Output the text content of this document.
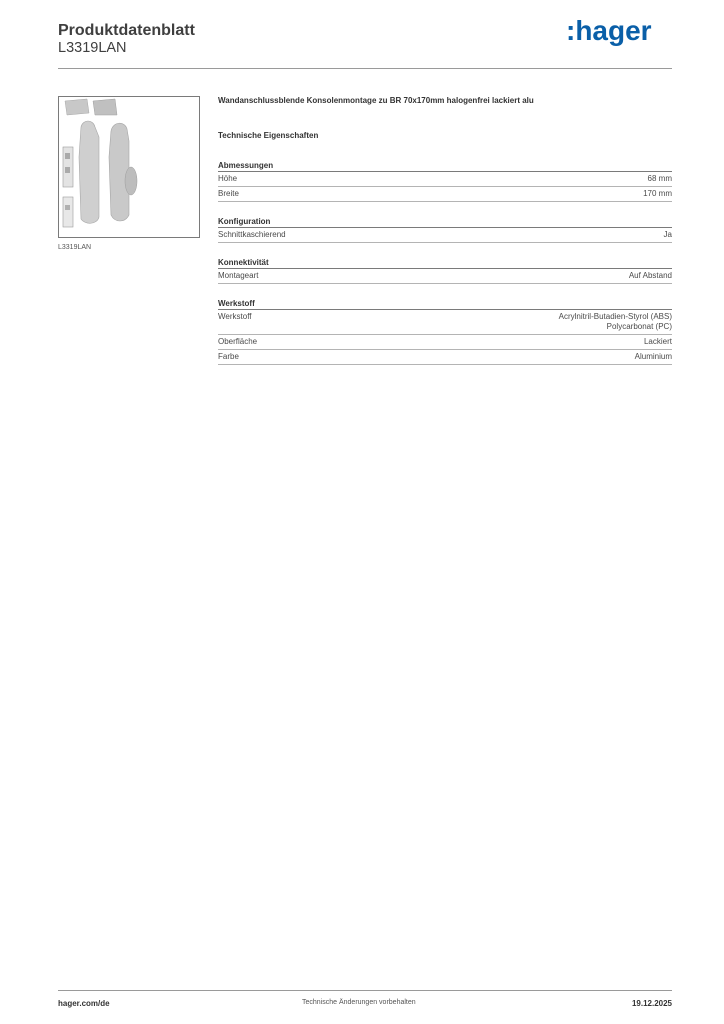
Produktdatenblatt
L3319LAN
:hager
L3319LAN
Wandanschlussblende Konsolenmontage zu BR 70x170mm halogenfrei lackiert alu
Technische Eigenschaften
Abmessungen
Höhe	68 mm
Breite	170 mm
Konfiguration
Schnittkaschierend	Ja
Konnektivität
Montageart	Auf Abstand
Werkstoff
Werkstoff	Acrylnitril-Butadien-Styrol (ABS)
Polycarbonat (PC)
Oberfläche	Lackiert
Farbe	Aluminium
hager.com/de	Technische Änderungen vorbehalten	19.12.2025
